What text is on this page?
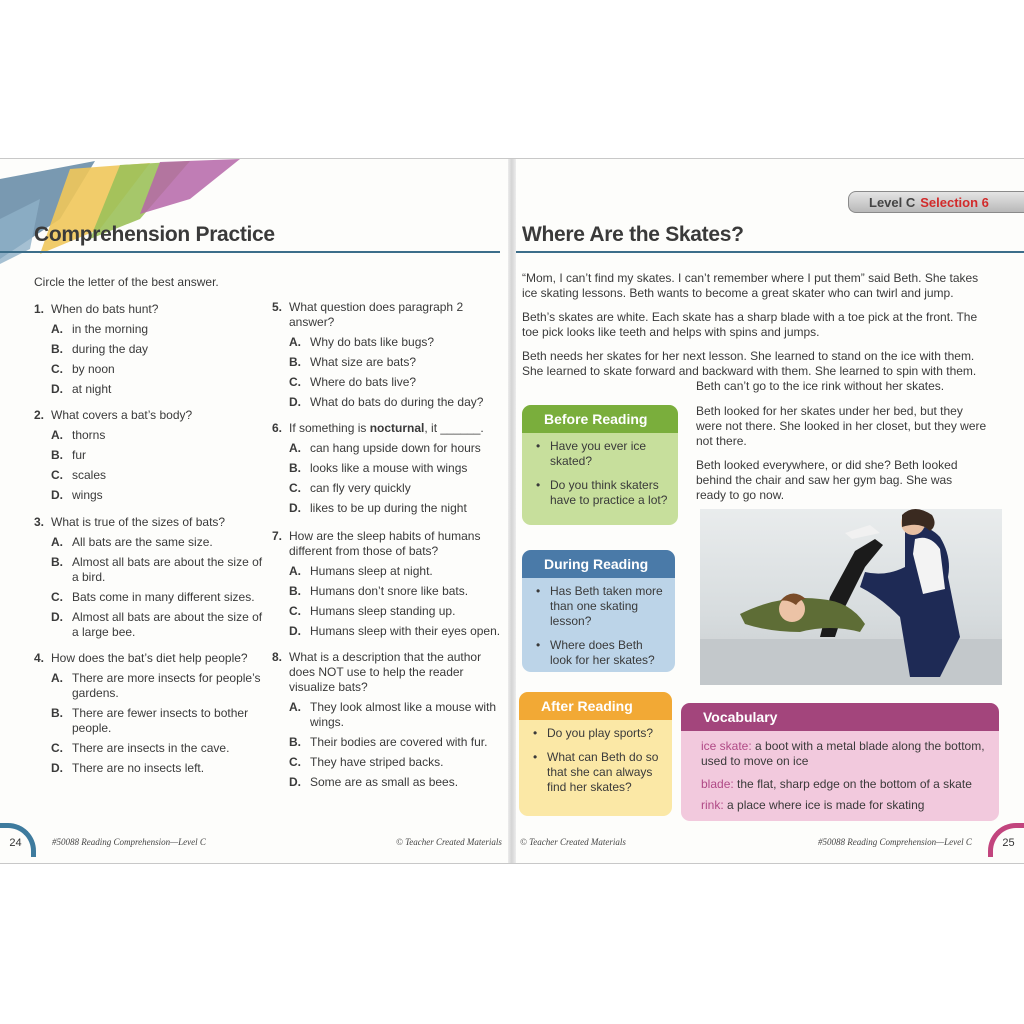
Comprehension Practice
Circle the letter of the best answer.
24	#50088 Reading Comprehension—Level C	© Teacher Created Materials
1. When do bats hunt?
A. in the morning
B. during the day
C. by noon
D. at night
2. What covers a bat’s body?
A. thorns
B. fur
C. scales
D. wings
3. What is true of the sizes of bats?
A. All bats are the same size.
B. Almost all bats are about the size of a bird.
C. Bats come in many different sizes.
D. Almost all bats are about the size of a large bee.
4. How does the bat’s diet help people?
A. There are more insects for people’s gardens.
B. There are fewer insects to bother people.
C. There are insects in the cave.
D. There are no insects left.
5. What question does paragraph 2 answer?
A. Why do bats like bugs?
B. What size are bats?
C. Where do bats live?
D. What do bats do during the day?
6. If something is nocturnal, it ______.
A. can hang upside down for hours
B. looks like a mouse with wings
C. can fly very quickly
D. likes to be up during the night
7. How are the sleep habits of humans different from those of bats?
A. Humans sleep at night.
B. Humans don’t snore like bats.
C. Humans sleep standing up.
D. Humans sleep with their eyes open.
8. What is a description that the author does NOT use to help the reader visualize bats?
A. They look almost like a mouse with wings.
B. Their bodies are covered with fur.
C. They have striped backs.
D. Some are as small as bees.
Level C Selection 6
Where Are the Skates?
“Mom, I can’t find my skates. I can’t remember where I put them” said Beth. She takes ice skating lessons. Beth wants to become a great skater who can twirl and jump.
Beth’s skates are white. Each skate has a sharp blade with a toe pick at the front. The toe pick looks like teeth and helps with spins and jumps.
Beth needs her skates for her next lesson. She learned to stand on the ice with them. She learned to skate forward and backward with them. She learned to spin with them.
Beth can’t go to the ice rink without her skates.
Beth looked for her skates under her bed, but they were not there. She looked in her closet, but they were not there.
Beth looked everywhere, or did she? Beth looked behind the chair and saw her gym bag. She was ready to go now.
Before Reading
• Have you ever ice skated?
• Do you think skaters have to practice a lot?
During Reading
• Has Beth taken more than one skating lesson?
• Where does Beth look for her skates?
After Reading
• Do you play sports?
• What can Beth do so that she can always find her skates?
Vocabulary

ice skate: a boot with a metal blade along the bottom, used to move on ice

blade: the flat, sharp edge on the bottom of a skate

rink: a place where ice is made for skating

© Teacher Created Materials	#50088 Reading Comprehension—Level C	25
